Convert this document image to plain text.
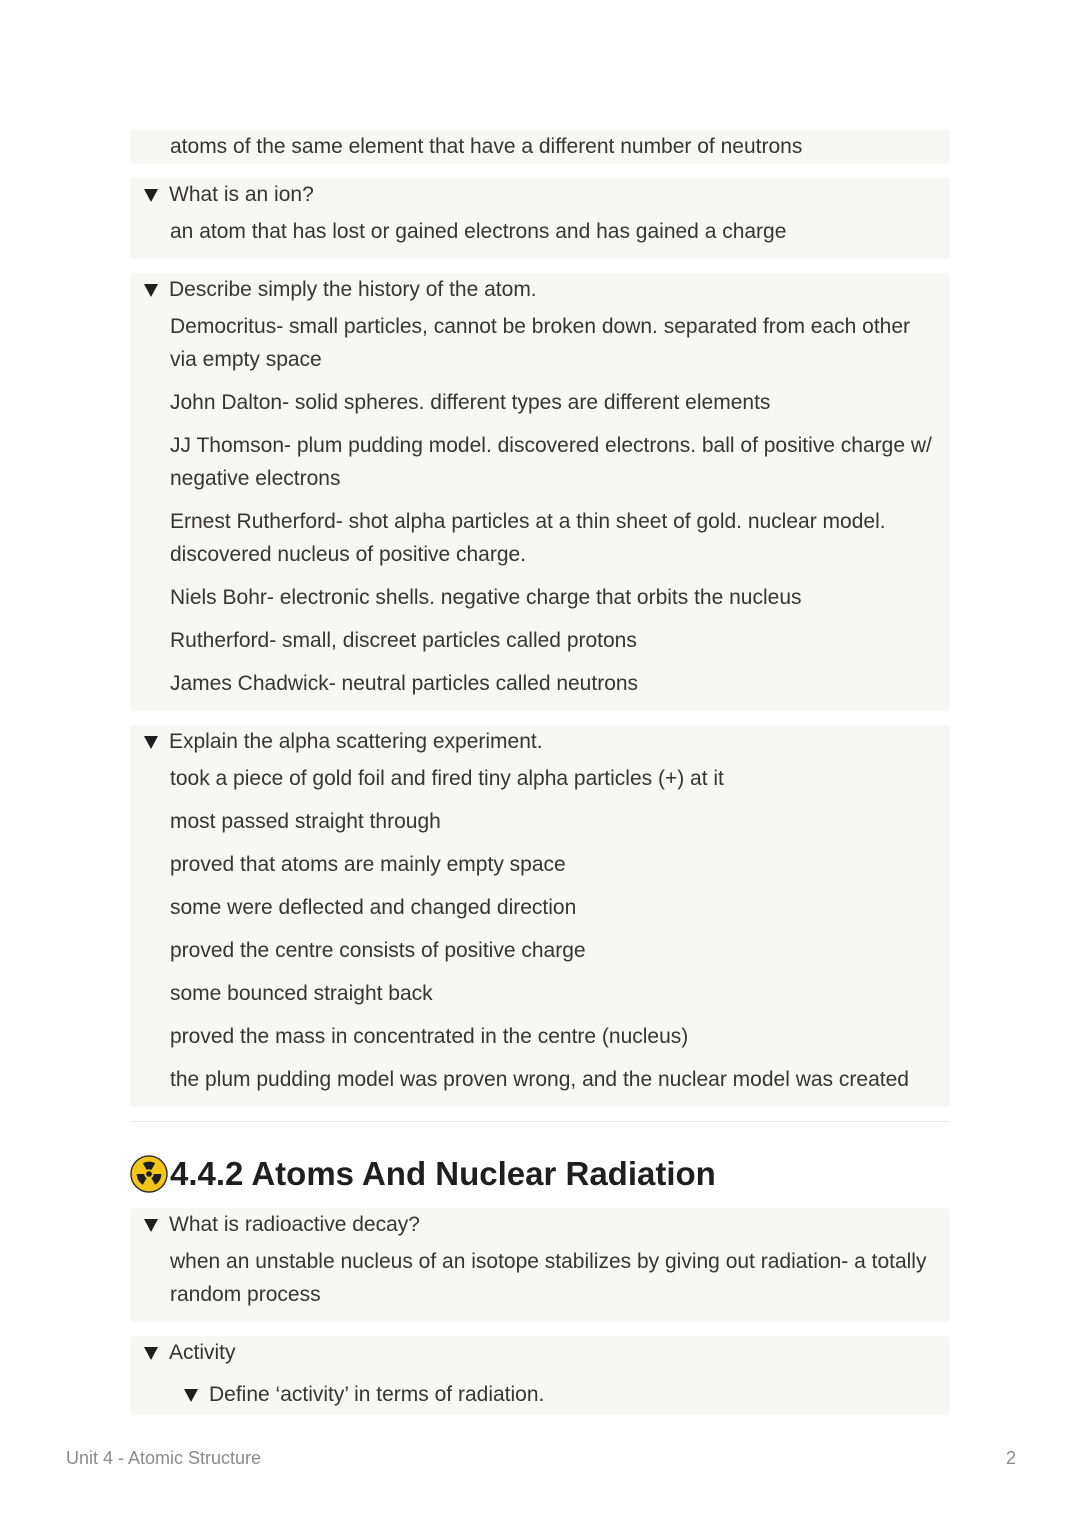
atoms of the same element that have a different number of neutrons
What is an ion?
an atom that has lost or gained electrons and has gained a charge
Describe simply the history of the atom.
Democritus- small particles, cannot be broken down. separated from each other via empty space
John Dalton- solid spheres. different types are different elements
JJ Thomson- plum pudding model. discovered electrons. ball of positive charge w/ negative electrons
Ernest Rutherford- shot alpha particles at a thin sheet of gold. nuclear model. discovered nucleus of positive charge.
Niels Bohr- electronic shells. negative charge that orbits the nucleus
Rutherford- small, discreet particles called protons
James Chadwick- neutral particles called neutrons
Explain the alpha scattering experiment.
took a piece of gold foil and fired tiny alpha particles (+) at it
most passed straight through
proved that atoms are mainly empty space
some were deflected and changed direction
proved the centre consists of positive charge
some bounced straight back
proved the mass in concentrated in the centre (nucleus)
the plum pudding model was proven wrong, and the nuclear model was created
4.4.2 Atoms And Nuclear Radiation
What is radioactive decay?
when an unstable nucleus of an isotope stabilizes by giving out radiation- a totally random process
Activity
Define ‘activity’ in terms of radiation.
Unit 4 - Atomic Structure	2
